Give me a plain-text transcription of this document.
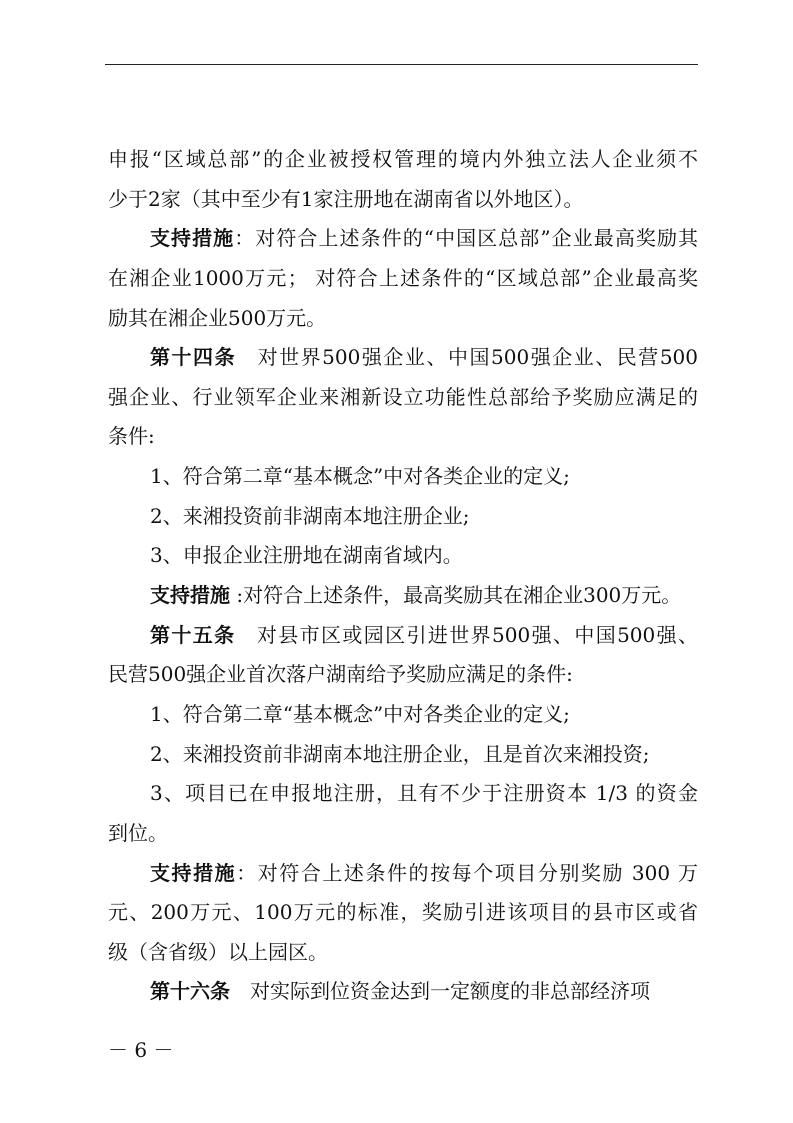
申报“区域总部”的企业被授权管理的境内外独立法人企业须不
少于2家（其中至少有1家注册地在湖南省以外地区）。
支持措施：对符合上述条件的“中国区总部”企业最高奖励其
在湘企业1000万元； 对符合上述条件的“区域总部”企业最高奖
励其在湘企业500万元。
第十四条　对世界500强企业、中国500强企业、民营500
强企业、行业领军企业来湘新设立功能性总部给予奖励应满足的
条件:
1、符合第二章“基本概念”中对各类企业的定义;
2、来湘投资前非湖南本地注册企业;
3、申报企业注册地在湖南省域内。
支持措施 :对符合上述条件，最高奖励其在湘企业300万元。
第十五条　对县市区或园区引进世界500强、中国500强、
民营500强企业首次落户湖南给予奖励应满足的条件:
1、符合第二章“基本概念”中对各类企业的定义;
2、来湘投资前非湖南本地注册企业，且是首次来湘投资;
3、项目已在申报地注册，且有不少于注册资本 1/3 的资金
到位。
支持措施：对符合上述条件的按每个项目分别奖励 300 万
元、200万元、100万元的标准，奖励引进该项目的县市区或省
级（含省级）以上园区。
第十六条　对实际到位资金达到一定额度的非总部经济项
－ 6 －
